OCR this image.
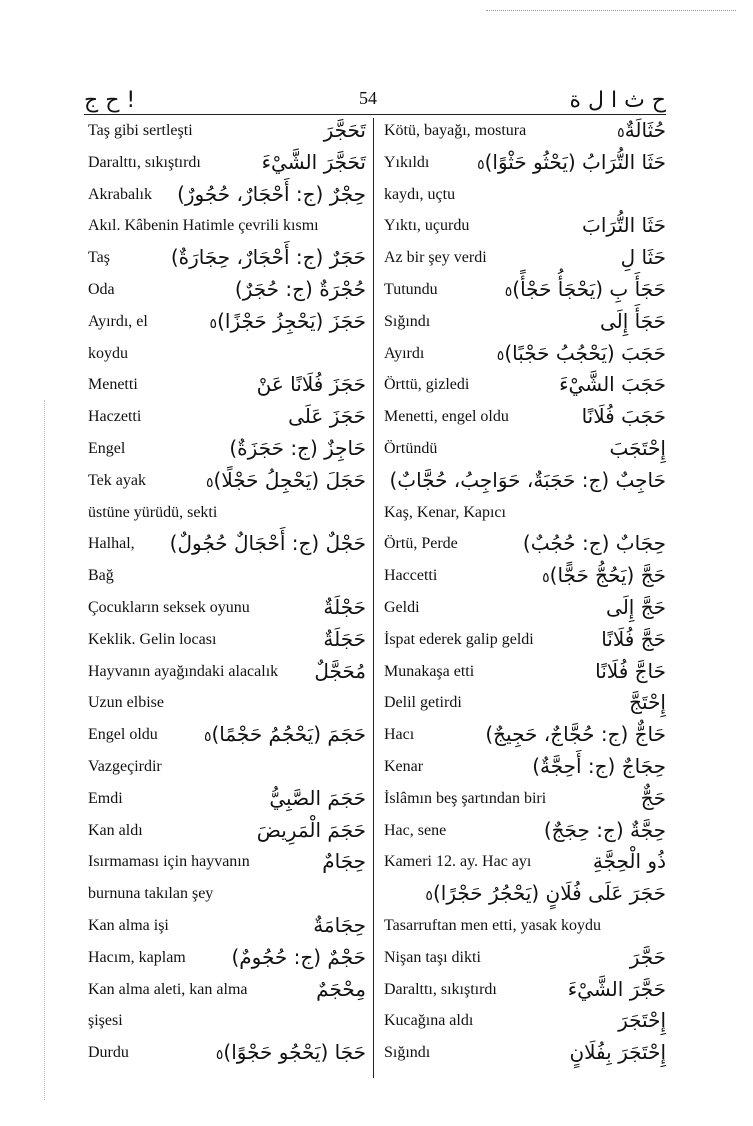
ح ج !	54	ح ث ا ل ة
Taş gibi sertleşti	تَحَجَّرَ
Daralttı, sıkıştırdı	تَحَجَّرَ الشَّيْءَ
Akrabalık حِجْرٌ (ج: أَحْجَارٌ، حُجُورٌ)
Akıl. Kâbenin Hatimle çevrili kısmı
Taş	حَجَرٌ (ج: أَحْجَارٌ، حِجَارَةٌ)
Oda	حُجْرَةٌ (ج: حُجَرٌ)
Ayırdı, el	حَجَزَ (يَحْجِزُ حَجْزًا)٥
koydu
Menetti	حَجَزَ فُلَانًا عَنْ
Haczetti	حَجَزَ عَلَى
Engel	حَاجِزٌ (ج: حَجَزَةٌ)
Tek ayak	حَجَلَ (يَحْجِلُ حَجْلًا)٥
üstüne yürüdü, sekti
Halhal, حَجْلٌ (ج: أَحْجَالٌ حُجُولٌ)
Bağ
Çocukların seksek oyunu	حَجْلَةٌ
Keklik. Gelin locası	حَجَلَةٌ
Hayvanın ayağındaki alacalık مُحَجَّلٌ
Uzun elbise
Engel oldu	حَجَمَ (يَحْجُمُ حَجْمًا)٥
Vazgeçirdir
Emdi	حَجَمَ الصَّبِيُّ
Kan aldı	حَجَمَ الْمَرِيضَ
Isırmaması için hayvanın	حِجَامٌ
burnuna takılan şey
Kan alma işi	حِجَامَةٌ
Hacım, kaplam حَجْمٌ (ج: حُجُومٌ)
Kan alma aleti, kan alma	مِحْجَمٌ
şişesi
Durdu	حَجَا (يَحْجُو حَجْوًا)٥
Kötü, bayağı, mostura	حُثَالَةٌ٥
Yıkıldı	حَثَا التُّرَابُ (يَحْثُو حَثْوًا)٥
kaydı, uçtu
Yıktı, uçurdu	حَثَا التُّرَابَ
Az bir şey verdi	حَثَا لِ
Tutundu	حَجَأَ بِ (يَحْجَأُ حَجْأً)٥
Sığındı	حَجَأَ إِلَى
Ayırdı	حَجَبَ (يَحْجُبُ حَجْبًا)٥
Örttü, gizledi	حَجَبَ الشَّيْءَ
Menetti, engel oldu	حَجَبَ فُلَانًا
Örtündü	إِحْتَجَبَ
حَاجِبٌ (ج: حَجَبَةٌ، حَوَاجِبُ، حُجَّابٌ)
Kaş, Kenar, Kapıcı
Örtü, Perde	حِجَابٌ (ج: حُجُبٌ)
Haccetti	حَجَّ (يَحُجُّ حَجًّا)٥
Geldi	حَجَّ إِلَى
İspat ederek galip geldi	حَجَّ فُلَانًا
Munakaşa etti	حَاجَّ فُلَانًا
Delil getirdi	إِحْتَجَّ
Hacı	حَاجٌّ (ج: حُجَّاجٌ، حَجِيجٌ)
Kenar	حِجَاجٌ (ج: أَحِجَّةٌ)
İslâmın beş şartından biri	حَجٌّ
Hac, sene	حِجَّةٌ (ج: حِجَجٌ)
Kameri 12. ay. Hac ayı	ذُو الْحِجَّةِ
حَجَرَ عَلَى فُلَانٍ (يَحْجُرُ حَجْرًا)٥
Tasarruftan men etti, yasak koydu
Nişan taşı dikti	حَجَّرَ
Daralttı, sıkıştırdı	حَجَّرَ الشَّيْءَ
Kucağına aldı	إِحْتَجَرَ
Sığındı	إِحْتَجَرَ بِفُلَانٍ
